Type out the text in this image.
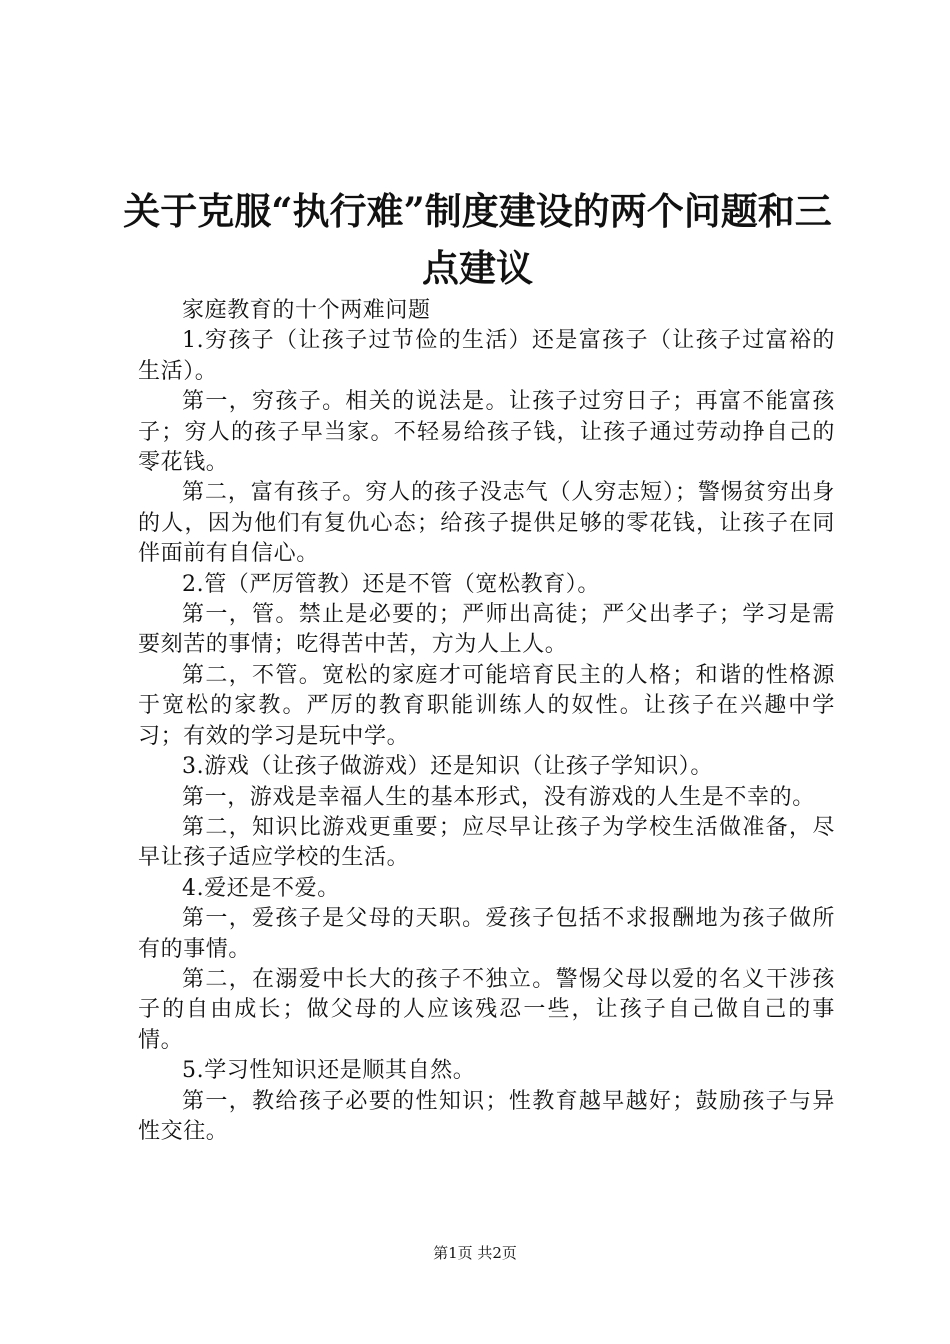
关于克服“执行难”制度建设的两个问题和三点建议

家庭教育的十个两难问题

1.穷孩子（让孩子过节俭的生活）还是富孩子（让孩子过富裕的生活）。

第一，穷孩子。相关的说法是。让孩子过穷日子；再富不能富孩子；穷人的孩子早当家。不轻易给孩子钱，让孩子通过劳动挣自己的零花钱。

第二，富有孩子。穷人的孩子没志气（人穷志短）；警惕贫穷出身的人，因为他们有复仇心态；给孩子提供足够的零花钱，让孩子在同伴面前有自信心。

2.管（严厉管教）还是不管（宽松教育）。

第一，管。禁止是必要的；严师出高徒；严父出孝子；学习是需要刻苦的事情；吃得苦中苦，方为人上人。

第二，不管。宽松的家庭才可能培育民主的人格；和谐的性格源于宽松的家教。严厉的教育职能训练人的奴性。让孩子在兴趣中学习；有效的学习是玩中学。

3.游戏（让孩子做游戏）还是知识（让孩子学知识）。

第一，游戏是幸福人生的基本形式，没有游戏的人生是不幸的。

第二，知识比游戏更重要；应尽早让孩子为学校生活做准备，尽早让孩子适应学校的生活。

4.爱还是不爱。

第一，爱孩子是父母的天职。爱孩子包括不求报酬地为孩子做所有的事情。

第二，在溺爱中长大的孩子不独立。警惕父母以爱的名义干涉孩子的自由成长；做父母的人应该残忍一些，让孩子自己做自己的事情。

5.学习性知识还是顺其自然。

第一，教给孩子必要的性知识；性教育越早越好；鼓励孩子与异性交往。

第1页 共2页
